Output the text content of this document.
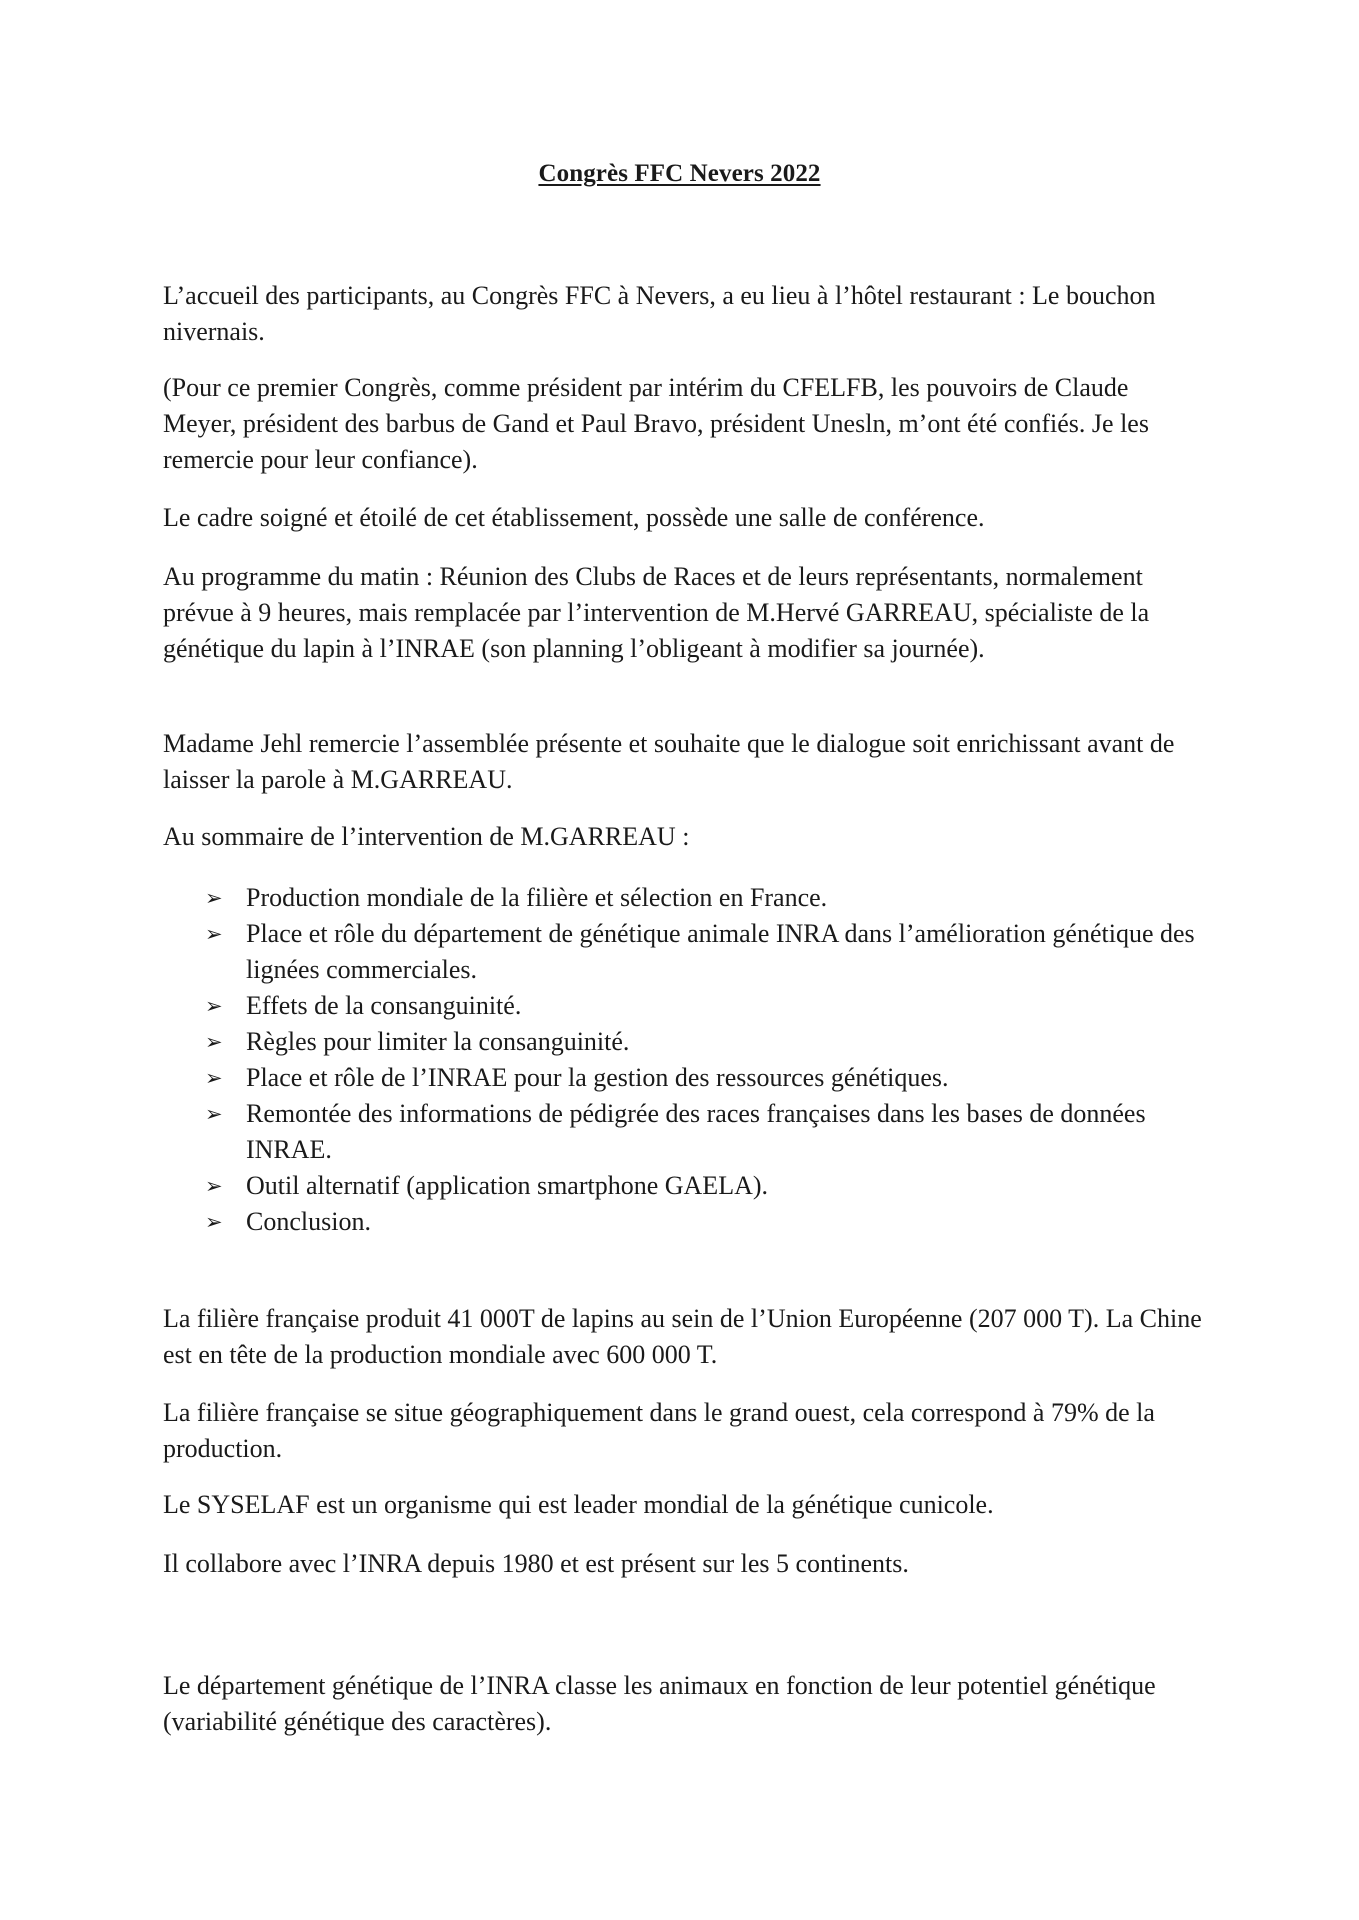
Congrès FFC Nevers 2022

L’accueil des participants, au Congrès FFC à Nevers, a eu lieu à l’hôtel restaurant : Le bouchon nivernais.

(Pour ce premier Congrès, comme président par intérim du CFELFB, les pouvoirs de Claude Meyer, président des barbus de Gand et Paul Bravo, président Unesln, m’ont été confiés. Je les remercie pour leur confiance).

Le cadre soigné et étoilé de cet établissement, possède une salle de conférence.

Au programme du matin : Réunion des Clubs de Races et de leurs représentants, normalement prévue à 9 heures, mais remplacée par l’intervention de M.Hervé GARREAU, spécialiste de la génétique du lapin à l’INRAE (son planning l’obligeant à modifier sa journée).

Madame Jehl remercie l’assemblée présente et souhaite que le dialogue soit enrichissant avant de laisser la parole à M.GARREAU.

Au sommaire de l’intervention de M.GARREAU :

➢ Production mondiale de la filière et sélection en France.
➢ Place et rôle du département de génétique animale INRA dans l’amélioration génétique des lignées commerciales.
➢ Effets de la consanguinité.
➢ Règles pour limiter la consanguinité.
➢ Place et rôle de l’INRAE pour la gestion des ressources génétiques.
➢ Remontée des informations de pédigrée des races françaises dans les bases de données INRAE.
➢ Outil alternatif (application smartphone GAELA).
➢ Conclusion.

La filière française produit 41 000T de lapins au sein de l’Union Européenne (207 000 T). La Chine est en tête de la production mondiale avec 600 000 T.

La filière française se situe géographiquement dans le grand ouest, cela correspond à 79% de la production.

Le SYSELAF est un organisme qui est leader mondial de la génétique cunicole.

Il collabore avec l’INRA depuis 1980 et est présent sur les 5 continents.

Le département génétique de l’INRA classe les animaux en fonction de leur potentiel génétique (variabilité génétique des caractères).
